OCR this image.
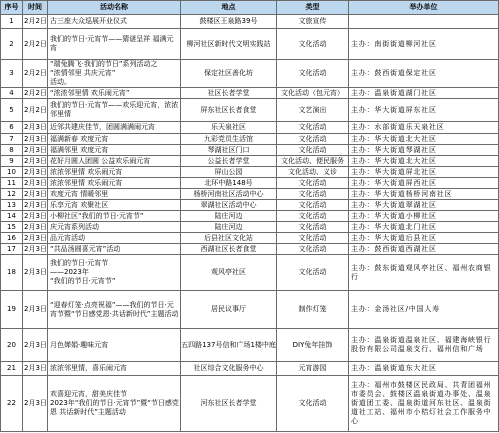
序号	时间	活动名称	地点	类型	举办单位
1	2月2日	古三座大众巡展开业仪式	鼓楼区王泉路39号	文旅宣传	
2	2月2日	我们的节日·元宵节——猜谜呈祥 福满元宵	柳河社区新时代文明实践站	文化活动	主办：南街街道柳河社区
3	2月2日	“瑞兔腾飞·我们的节日”系列活动之
“浓情邻里 共庆元宵”
活动。	保定社区善化坊	文化活动	主办：鼓西街道保定社区
4	2月2日	“浓浓邻里情 欢乐闹元宵”	社区长者学堂	文化活动（包元宵）	主办：温泉街道湖门社区
5	2月2日	我们的节日·元宵节——欢乐迎元宵，浓浓邻里情	屏东社区长者食堂	文艺演出	主办：华大街道屏东社区
6	2月3日	近邻共建庆佳节，团圆满满闹元宵	乐天泉社区	文化活动	主办：水部街道乐天泉社区
7	2月3日	福满新春 欢度元宵	九彩党员生活馆	文化活动	主办：华大街道北大社区
8	2月3日	福满邻里 欢度元宵	琴湖社区门口	文化活动	主办：华大街道琴湖社区
9	2月3日	花好月圆人团圆 公益欢乐闹元宵	公益长者学堂	文化活动、便民服务	主办：华大街道北大社区
10	2月3日	浓浓邻里情 欢乐闹元宵	屏山公园	文化活动、义诊	主办：华大街道屏北社区
11	2月3日	浓浓邻里情 欢乐闹元宵	北环中路148号	文化活动	主办：华大街道屏西社区
12	2月3日	欢度元宵 情暖邻里	杨桥河南社区活动中心	文化活动	主办：华大街道杨桥河南社区
13	2月3日	乐享元宵 欢聚社区	翠湖社区活动中心	文化活动	主办：华大街道翠湖社区
14	2月3日	小柳社区“我们的节日·元宵节”	陆庄河边	文化活动	主办：华大街道小柳社区
15	2月3日	庆元宵系列活动	陆庄河边	文化活动	主办：华大街道北门社区
16	2月3日	品元宵活动	后县社区文化站	文化活动	主办：华大街道后县社区
17	2月3日	“共品汤圆喜元宵”活动	西湖社区长者食堂	文化活动	主办：鼓西街道西湖社区
18	2月3日	我们的节日·元宵节
——2023年
“我们的节日·元宵节”	观风亭社区	文化活动	主办：鼓东街道观风亭社区、福州农商银行
19	2月3日	“迎春灯笼·点亮祝福”——我们的节日·元宵节暨“节日感党恩·共话新时代”主题活动	居民议事厅	制作灯笼	主办：金汤社区/中国人寿
20	2月3日	月色婵娟·趣味元宵	五四路137号信和广场1楼中庭	DIY兔年挂饰	主办：温泉街道温泉社区、福建海峡银行股份有限公司温泉支行、福州信和广场
21	2月3日	浓浓邻里情，喜乐闹元宵	社区综合文化服务中心	元宵游园	主办：温泉街道东大社区
22	2月3日	欢喜迎元宵，甜美庆佳节
2023年“我们的节日·元宵节”暨“节日感党恩 共话新时代”主题活动	河东社区长者学堂	文化活动	主办：福州市鼓楼区民政局、共青团福州市委员会、鼓楼区温泉街道办事处、温泉街道团工委、温泉街道河东社区、温泉街道社工站、福州市小桔灯社会工作服务中心
